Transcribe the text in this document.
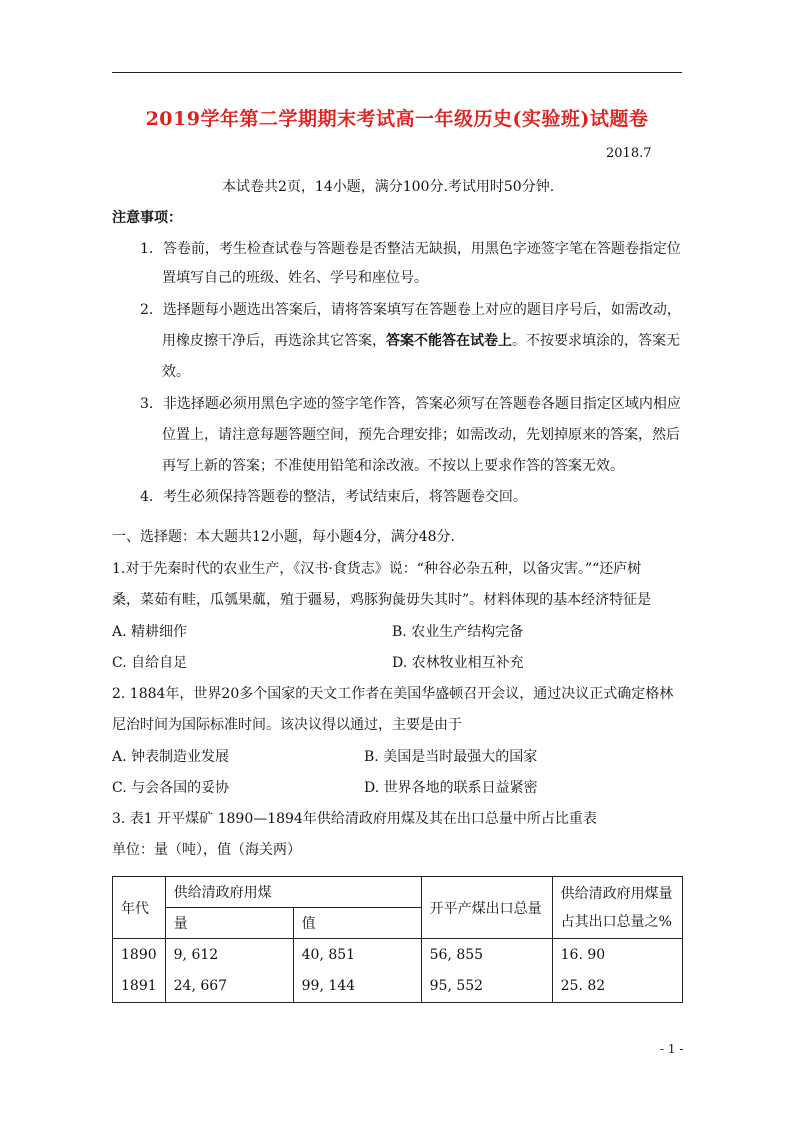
2019学年第二学期期末考试高一年级历史(实验班)试题卷
2018.7
本试卷共2页，14小题，满分100分.考试用时50分钟.
注意事项：
1．答卷前，考生检查试卷与答题卷是否整洁无缺损，用黑色字迹签字笔在答题卷指定位
置填写自己的班级、姓名、学号和座位号。
2．选择题每小题选出答案后，请将答案填写在答题卷上对应的题目序号后，如需改动，
用橡皮擦干净后，再选涂其它答案，答案不能答在试卷上。不按要求填涂的，答案无
效。
3．非选择题必须用黑色字迹的签字笔作答，答案必须写在答题卷各题目指定区域内相应
位置上，请注意每题答题空间，预先合理安排；如需改动，先划掉原来的答案，然后
再写上新的答案；不准使用铅笔和涂改液。不按以上要求作答的答案无效。
4．考生必须保持答题卷的整洁，考试结束后，将答题卷交回。
一、选择题：本大题共12小题，每小题4分，满分48分．
1.对于先秦时代的农业生产，《汉书·食货志》说：“种谷必杂五种，以备灾害。”“还庐树
桑，菜茹有畦，瓜瓠果蓏，殖于疆易，鸡豚狗彘毋失其时”。材料体现的基本经济特征是
A. 精耕细作	B. 农业生产结构完备
C. 自给自足	D. 农林牧业相互补充
2. 1884年，世界20多个国家的天文工作者在美国华盛顿召开会议，通过决议正式确定格林
尼治时间为国际标准时间。该决议得以通过，主要是由于
A. 钟表制造业发展	B. 美国是当时最强大的国家
C. 与会各国的妥协	D. 世界各地的联系日益紧密
3. 表1 开平煤矿 1890—1894年供给清政府用煤及其在出口总量中所占比重表
单位：量（吨），值（海关两）
年代	供给清政府用煤		开平产煤出口总量	供给清政府用煤量
占其出口总量之%

	量	值		
1890	9, 612	40, 851	56, 855	16. 90
1891	24, 667	99, 144	95, 552	25. 82
- 1 -
